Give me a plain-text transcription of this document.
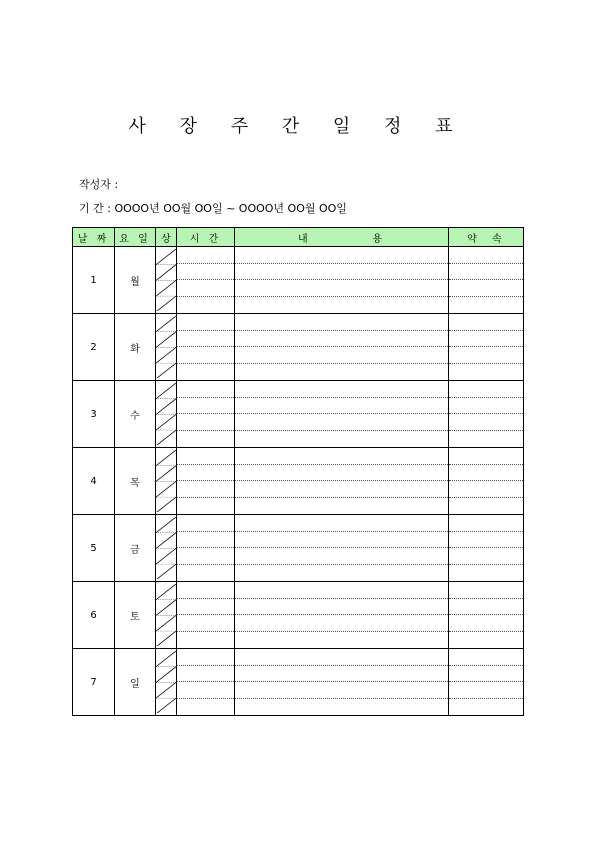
사 장 주 간 일 정 표
작성자 :
기 간 : OOOO년 OO월 OO일 ~ OOOO년 OO월 OO일
날 짜	요 일	상	시 간	내          용	약  속
1	월	

2	화	

3	수	

4	목	

5	금	

6	토	

7	일	
